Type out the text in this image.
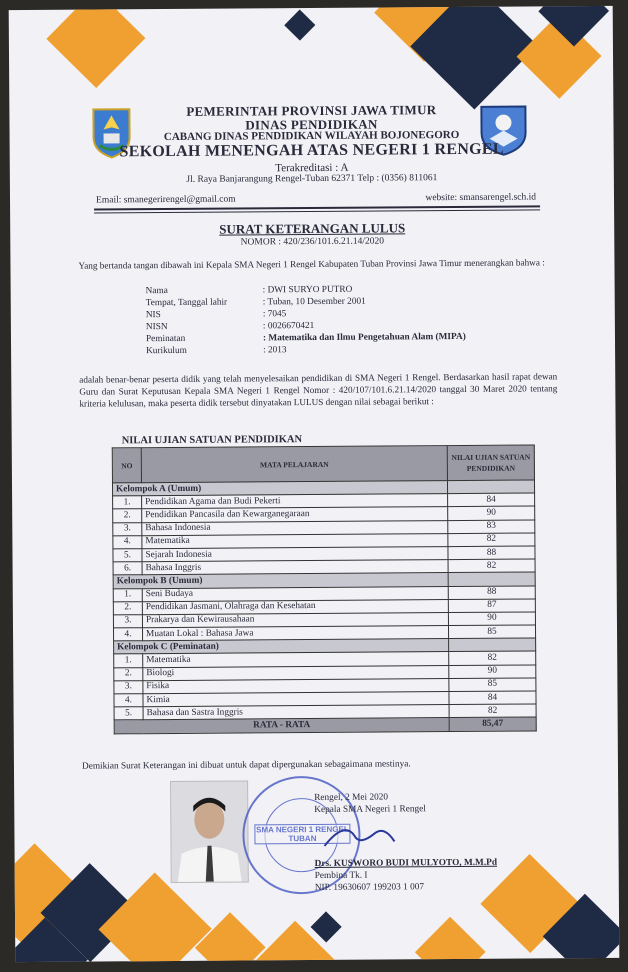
PEMERINTAH PROVINSI JAWA TIMUR
DINAS PENDIDIKAN
CABANG DINAS PENDIDIKAN WILAYAH BOJONEGORO
SEKOLAH MENENGAH ATAS NEGERI 1 RENGEL
Terakreditasi : A
Jl. Raya Banjarangung Rengel-Tuban 62371 Telp : (0356) 811061
Email: smanegerirengel@gmail.com	website: smansarengel.sch.id
SURAT KETERANGAN LULUS
NOMOR : 420/236/101.6.21.14/2020
Yang bertanda tangan dibawah ini Kepala SMA Negeri 1 Rengel Kabupaten Tuban Provinsi Jawa Timur menerangkan bahwa :
Nama	: DWI SURYO PUTRO
Tempat, Tanggal lahir	: Tuban, 10 Desember 2001
NIS	: 7045
NISN	: 0026670421
Peminatan	: Matematika dan Ilmu Pengetahuan Alam (MIPA)
Kurikulum	: 2013
adalah benar-benar peserta didik yang telah menyelesaikan pendidikan di SMA Negeri 1 Rengel. Berdasarkan hasil rapat dewan Guru dan Surat Keputusan Kepala SMA Negeri 1 Rengel Nomor : 420/107/101.6.21.14/2020 tanggal 30 Maret 2020 tentang kriteria kelulusan, maka peserta didik tersebut dinyatakan LULUS dengan nilai sebagai berikut :
NILAI UJIAN SATUAN PENDIDIKAN
NO	MATA PELAJARAN	NILAI UJIAN SATUAN PENDIDIKAN
Kelompok A (Umum)		
1.	Pendidikan Agama dan Budi Pekerti	84
2.	Pendidikan Pancasila dan Kewarganegaraan	90
3.	Bahasa Indonesia	83
4.	Matematika	82
5.	Sejarah Indonesia	88
6.	Bahasa Inggris	82
Kelompok B (Umum)		
1.	Seni Budaya	88
2.	Pendidikan Jasmani, Olahraga dan Kesehatan	87
3.	Prakarya dan Kewirausahaan	90
4.	Muatan Lokal : Bahasa Jawa	85
Kelompok C (Peminatan)		
1.	Matematika	82
2.	Biologi	90
3.	Fisika	85
4.	Kimia	84
5.	Bahasa dan Sastra Inggris	82
RATA - RATA		85,47
Demikian Surat Keterangan ini dibuat untuk dapat dipergunakan sebagaimana mestinya.
SMA NEGERI 1 RENGEL TUBAN
Rengel, 2 Mei 2020
Kepala SMA Negeri 1 Rengel
Drs. KUSWORO BUDI MULYOTO, M.M.Pd
Pembina Tk. I
NIP. 19630607 199203 1 007
